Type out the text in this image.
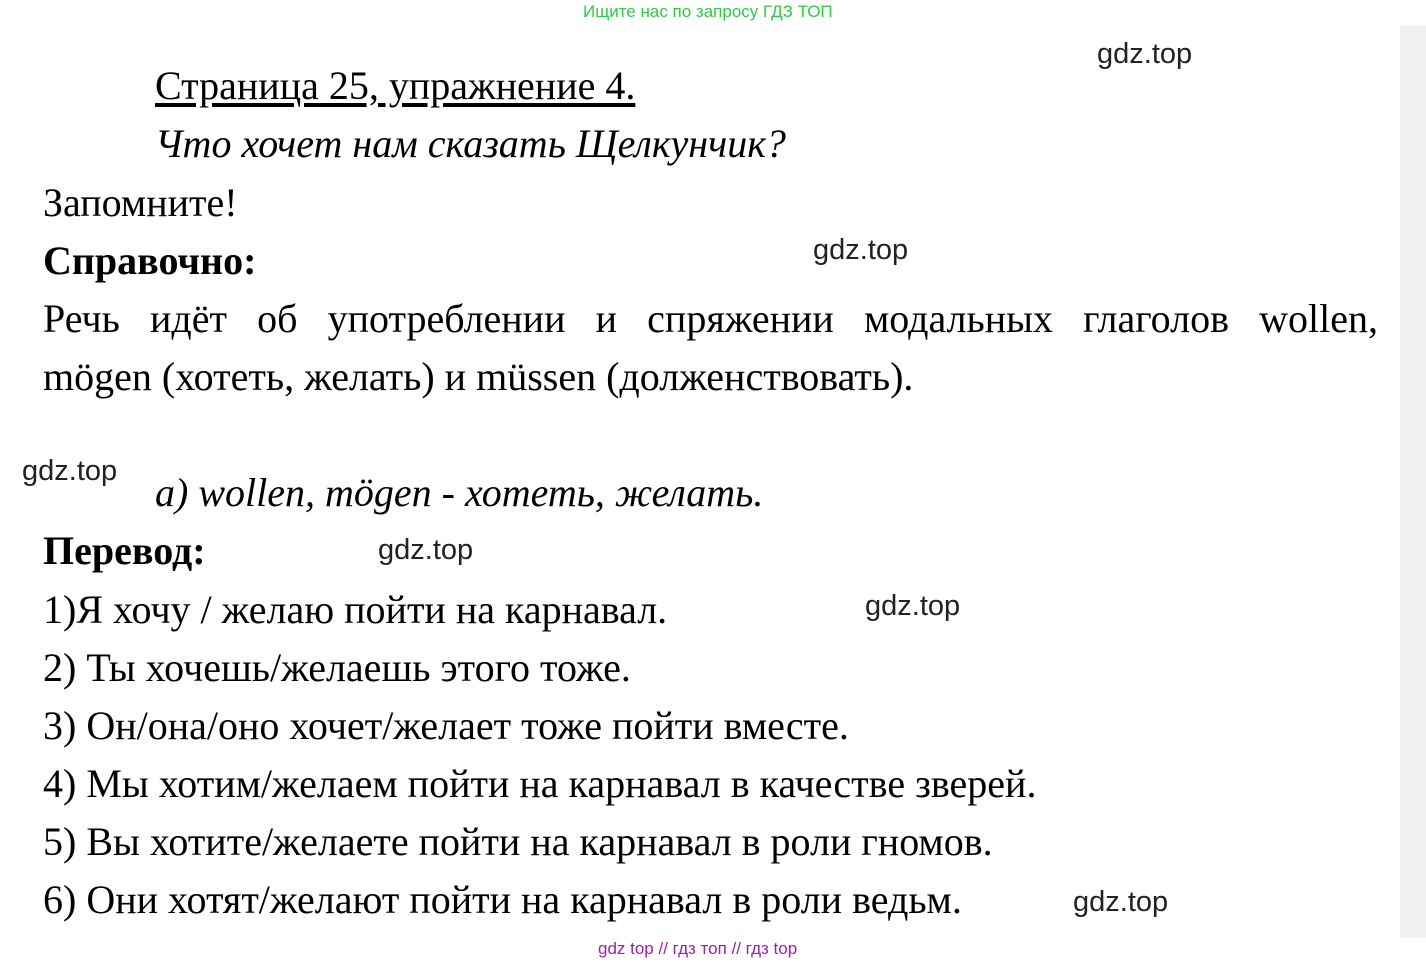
Ищите нас по запросу ГДЗ ТОП
gdz.top
gdz.top
gdz.top
gdz.top
gdz.top
gdz.top
Страница 25, упражнение 4.
Что хочет нам сказать Щелкунчик?
Запомните!
Справочно:
Речь идёт об употреблении и спряжении модальных глаголов wollen,
mögen (хотеть, желать) и müssen (долженствовать).
а) wollen, mögen - хотеть, желать.
Перевод:
1)Я хочу / желаю пойти на карнавал.
2) Ты хочешь/желаешь этого тоже.
3) Он/она/оно хочет/желает тоже пойти вместе.
4) Мы хотим/желаем пойти на карнавал в качестве зверей.
5) Вы хотите/желаете пойти на карнавал в роли гномов.
6) Они хотят/желают пойти на карнавал в роли ведьм.
gdz top // гдз топ // гдз top
